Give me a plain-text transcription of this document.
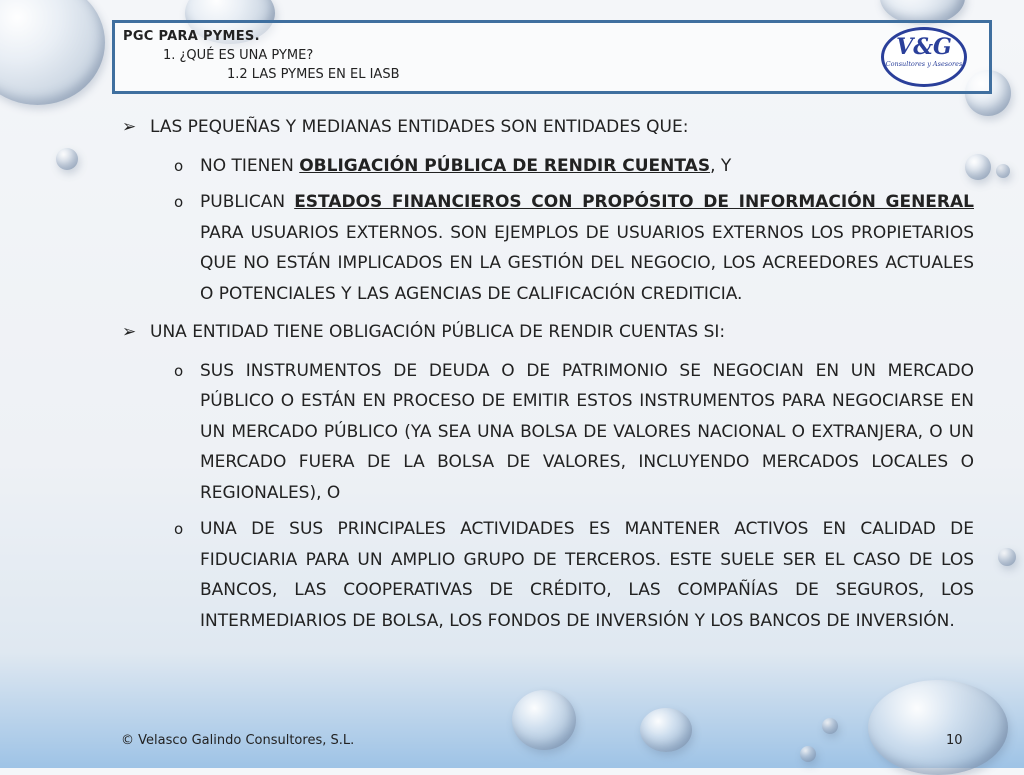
PGC PARA PYMES.
1. ¿QUÉ ES UNA PYME?
1.2 LAS PYMES EN EL IASB
V&G
Consultores y Asesores
➢ LAS PEQUEÑAS Y MEDIANAS ENTIDADES SON ENTIDADES QUE:
o NO TIENEN OBLIGACIÓN PÚBLICA DE RENDIR CUENTAS, Y
o PUBLICAN ESTADOS FINANCIEROS CON PROPÓSITO DE INFORMACIÓN GENERAL PARA USUARIOS EXTERNOS. SON EJEMPLOS DE USUARIOS EXTERNOS LOS PROPIETARIOS QUE NO ESTÁN IMPLICADOS EN LA GESTIÓN DEL NEGOCIO, LOS ACREEDORES ACTUALES O POTENCIALES Y LAS AGENCIAS DE CALIFICACIÓN CREDITICIA.
➢ UNA ENTIDAD TIENE OBLIGACIÓN PÚBLICA DE RENDIR CUENTAS SI:
o SUS INSTRUMENTOS DE DEUDA O DE PATRIMONIO SE NEGOCIAN EN UN MERCADO PÚBLICO O ESTÁN EN PROCESO DE EMITIR ESTOS INSTRUMENTOS PARA NEGOCIARSE EN UN MERCADO PÚBLICO (YA SEA UNA BOLSA DE VALORES NACIONAL O EXTRANJERA, O UN MERCADO FUERA DE LA BOLSA DE VALORES, INCLUYENDO MERCADOS LOCALES O REGIONALES), O
o UNA DE SUS PRINCIPALES ACTIVIDADES ES MANTENER ACTIVOS EN CALIDAD DE FIDUCIARIA PARA UN AMPLIO GRUPO DE TERCEROS. ESTE SUELE SER EL CASO DE LOS BANCOS, LAS COOPERATIVAS DE CRÉDITO, LAS COMPAÑÍAS DE SEGUROS, LOS INTERMEDIARIOS DE BOLSA, LOS FONDOS DE INVERSIÓN Y LOS BANCOS DE INVERSIÓN.
© Velasco Galindo Consultores, S.L.	10
